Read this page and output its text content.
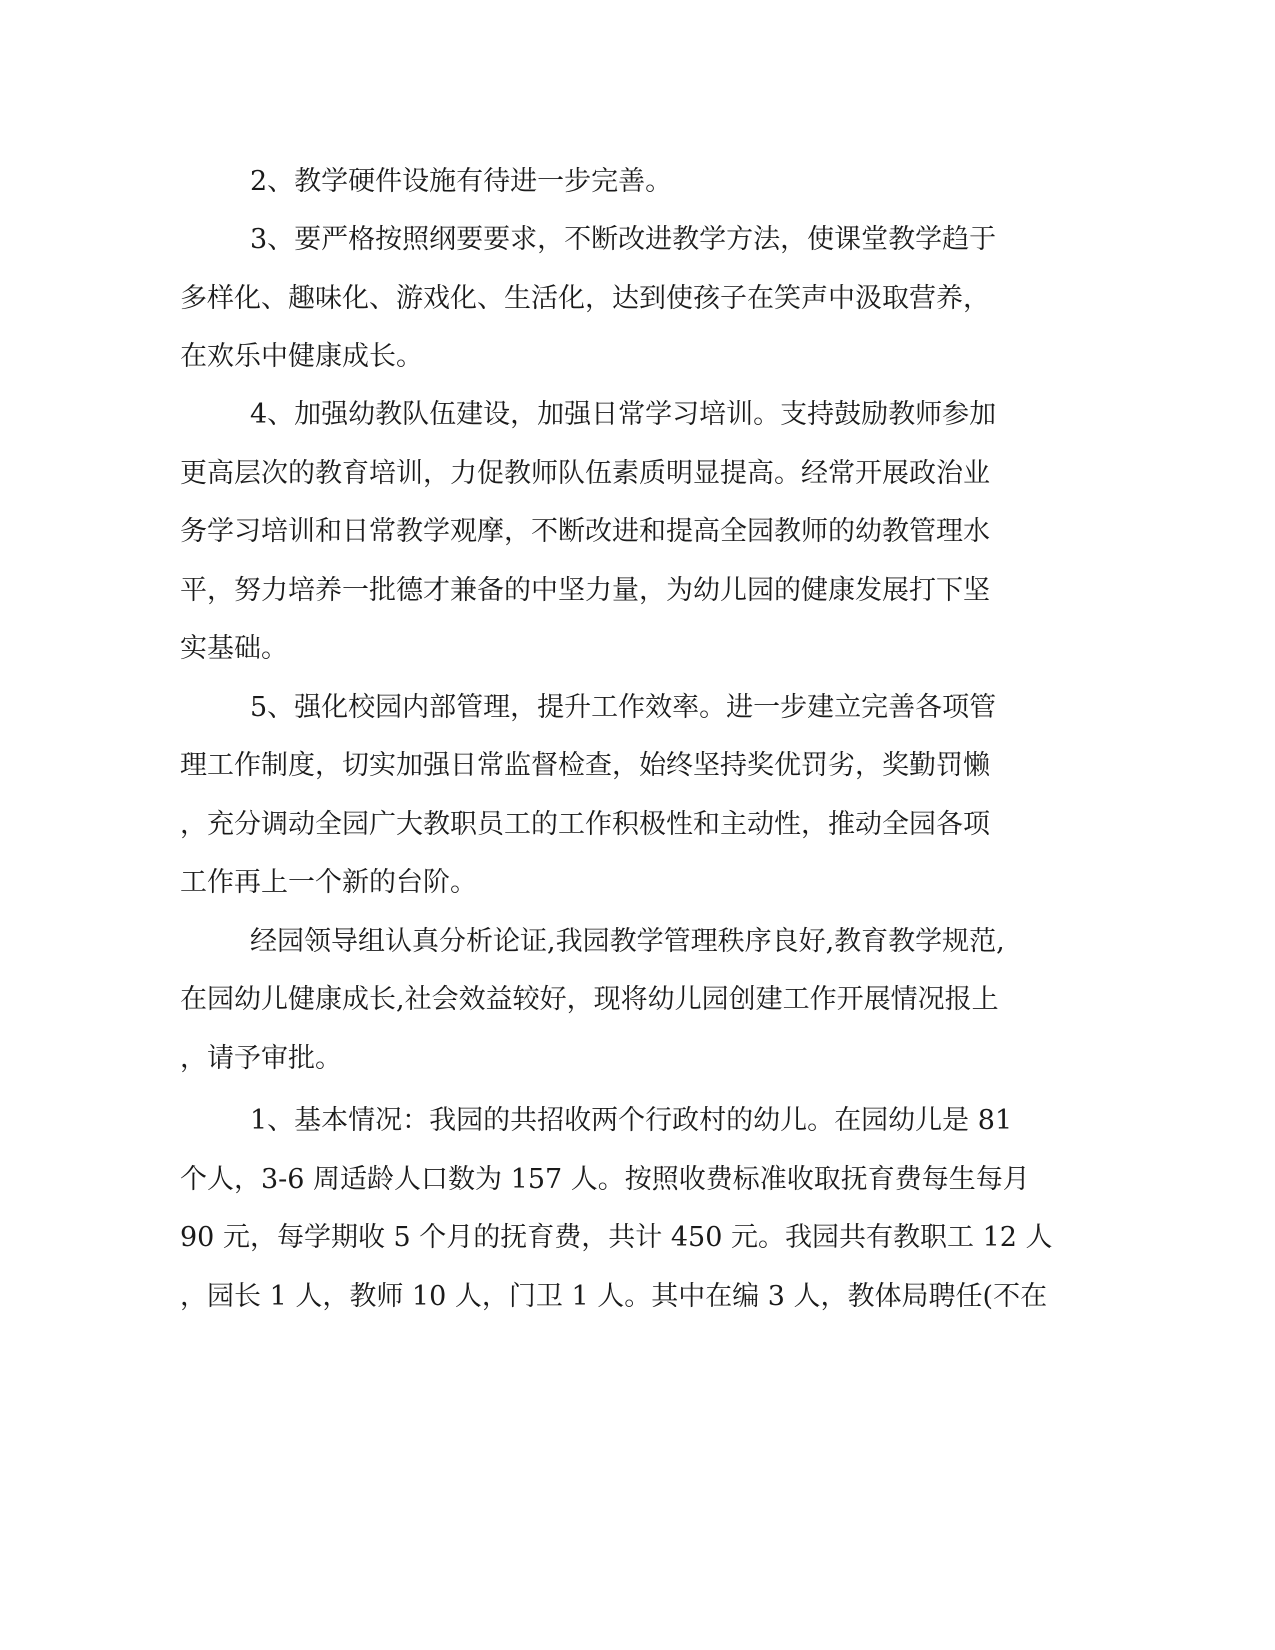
2、教学硬件设施有待进一步完善。

3、要严格按照纲要要求，不断改进教学方法，使课堂教学趋于

多样化、趣味化、游戏化、生活化，达到使孩子在笑声中汲取营养，

在欢乐中健康成长。

4、加强幼教队伍建设，加强日常学习培训。支持鼓励教师参加

更高层次的教育培训，力促教师队伍素质明显提高。经常开展政治业

务学习培训和日常教学观摩，不断改进和提高全园教师的幼教管理水

平，努力培养一批德才兼备的中坚力量，为幼儿园的健康发展打下坚

实基础。

5、强化校园内部管理，提升工作效率。进一步建立完善各项管

理工作制度，切实加强日常监督检查，始终坚持奖优罚劣，奖勤罚懒

，充分调动全园广大教职员工的工作积极性和主动性，推动全园各项

工作再上一个新的台阶。

经园领导组认真分析论证,我园教学管理秩序良好,教育教学规范,

在园幼儿健康成长,社会效益较好，现将幼儿园创建工作开展情况报上

，请予审批。

1、基本情况：我园的共招收两个行政村的幼儿。在园幼儿是 81

个人，3-6 周适龄人口数为 157 人。按照收费标准收取抚育费每生每月

90 元，每学期收 5 个月的抚育费，共计 450 元。我园共有教职工 12 人

，园长 1 人，教师 10 人，门卫 1 人。其中在编 3 人，教体局聘任(不在
